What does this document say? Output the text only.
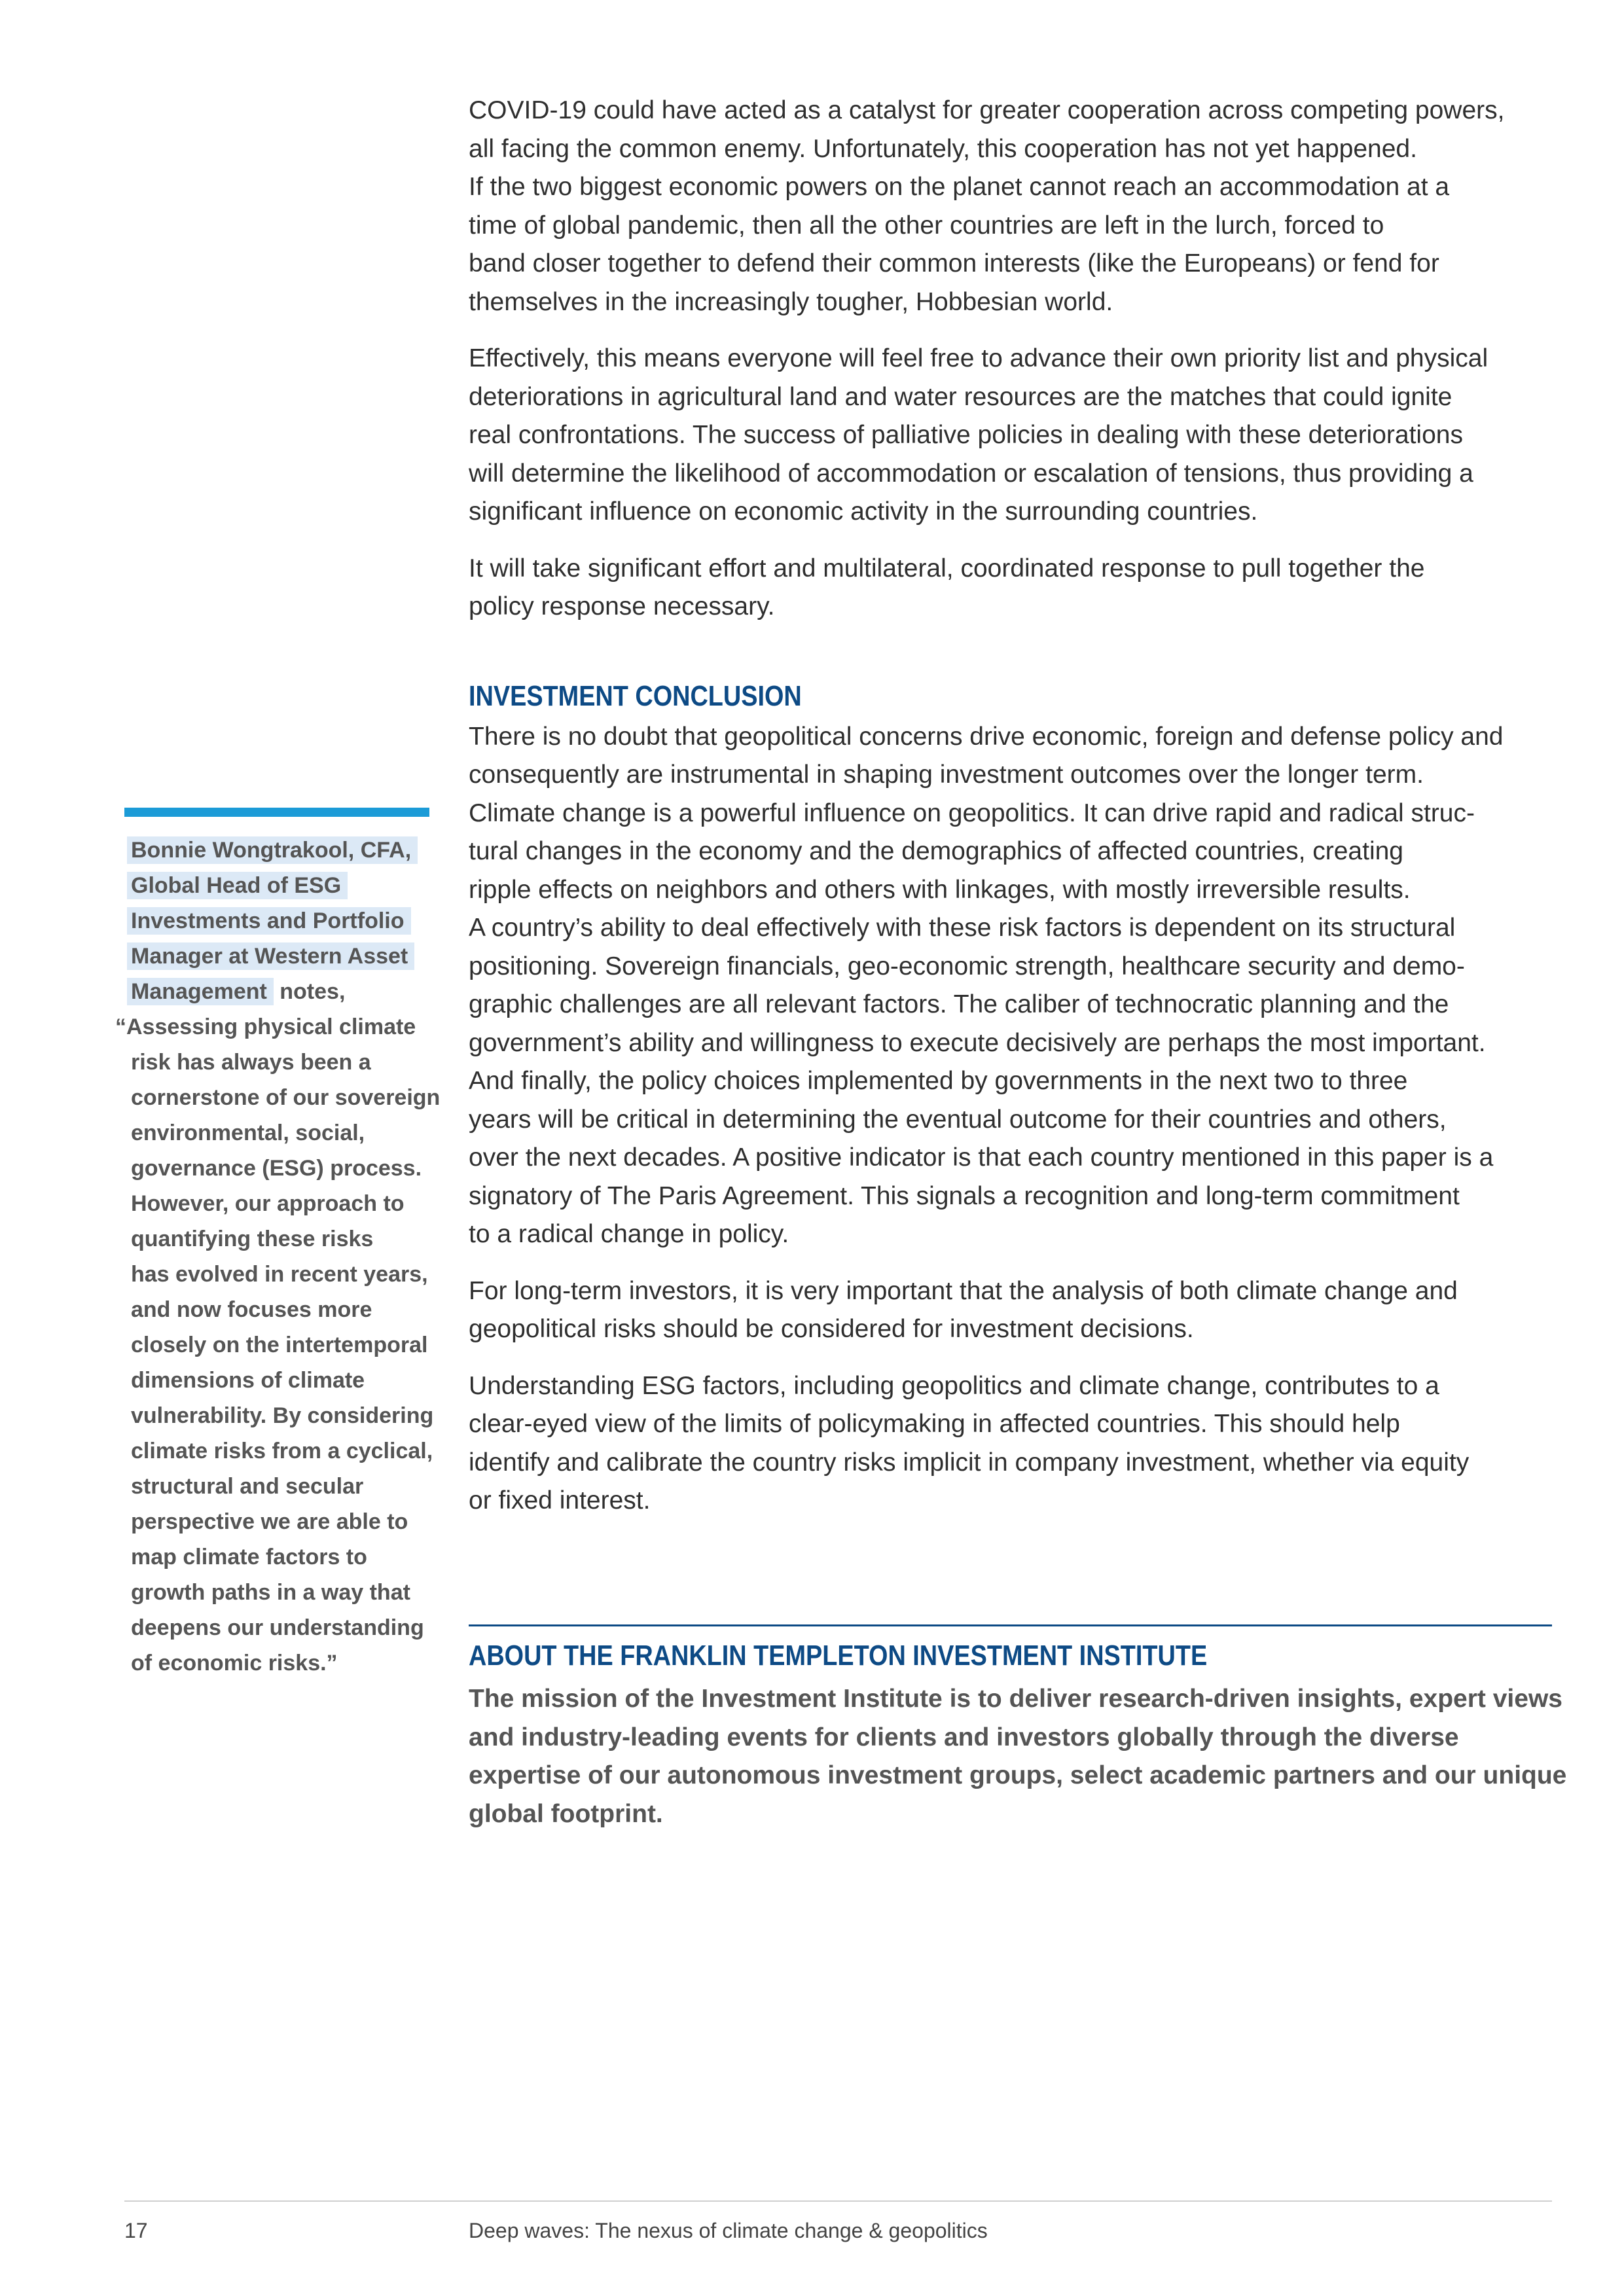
COVID-19 could have acted as a catalyst for greater cooperation across competing powers,
all facing the common enemy. Unfortunately, this cooperation has not yet happened.
If the two biggest economic powers on the planet cannot reach an accommodation at a
time of global pandemic, then all the other countries are left in the lurch, forced to
band closer together to defend their common interests (like the Europeans) or fend for
themselves in the increasingly tougher, Hobbesian world.

Effectively, this means everyone will feel free to advance their own priority list and physical
deteriorations in agricultural land and water resources are the matches that could ignite
real confrontations. The success of palliative policies in dealing with these deteriorations
will determine the likelihood of accommodation or escalation of tensions, thus providing a
significant influence on economic activity in the surrounding countries.

It will take significant effort and multilateral, coordinated response to pull together the
policy response necessary.

INVESTMENT CONCLUSION

There is no doubt that geopolitical concerns drive economic, foreign and defense policy and
consequently are instrumental in shaping investment outcomes over the longer term.
Climate change is a powerful influence on geopolitics. It can drive rapid and radical struc-
tural changes in the economy and the demographics of affected countries, creating
ripple effects on neighbors and others with linkages, with mostly irreversible results.
A country’s ability to deal effectively with these risk factors is dependent on its structural
positioning. Sovereign financials, geo-economic strength, healthcare security and demo-
graphic challenges are all relevant factors. The caliber of technocratic planning and the
government’s ability and willingness to execute decisively are perhaps the most important.
And finally, the policy choices implemented by governments in the next two to three
years will be critical in determining the eventual outcome for their countries and others,
over the next decades. A positive indicator is that each country mentioned in this paper is a
signatory of The Paris Agreement. This signals a recognition and long-term commitment
to a radical change in policy.

For long-term investors, it is very important that the analysis of both climate change and
geopolitical risks should be considered for investment decisions.

Understanding ESG factors, including geopolitics and climate change, contributes to a
clear-eyed view of the limits of policymaking in affected countries. This should help
identify and calibrate the country risks implicit in company investment, whether via equity
or fixed interest.

ABOUT THE FRANKLIN TEMPLETON INVESTMENT INSTITUTE

The mission of the Investment Institute is to deliver research-driven insights, expert views
and industry-leading events for clients and investors globally through the diverse
expertise of our autonomous investment groups, select academic partners and our unique
global footprint.

Bonnie Wongtrakool, CFA,
Global Head of ESG
Investments and Portfolio
Manager at Western Asset
Management notes,
“Assessing physical climate
risk has always been a
cornerstone of our sovereign
environmental, social,
governance (ESG) process.
However, our approach to
quantifying these risks
has evolved in recent years,
and now focuses more
closely on the intertemporal
dimensions of climate
vulnerability. By considering
climate risks from a cyclical,
structural and secular
perspective we are able to
map climate factors to
growth paths in a way that
deepens our understanding
of economic risks.”
17	Deep waves: The nexus of climate change & geopolitics
